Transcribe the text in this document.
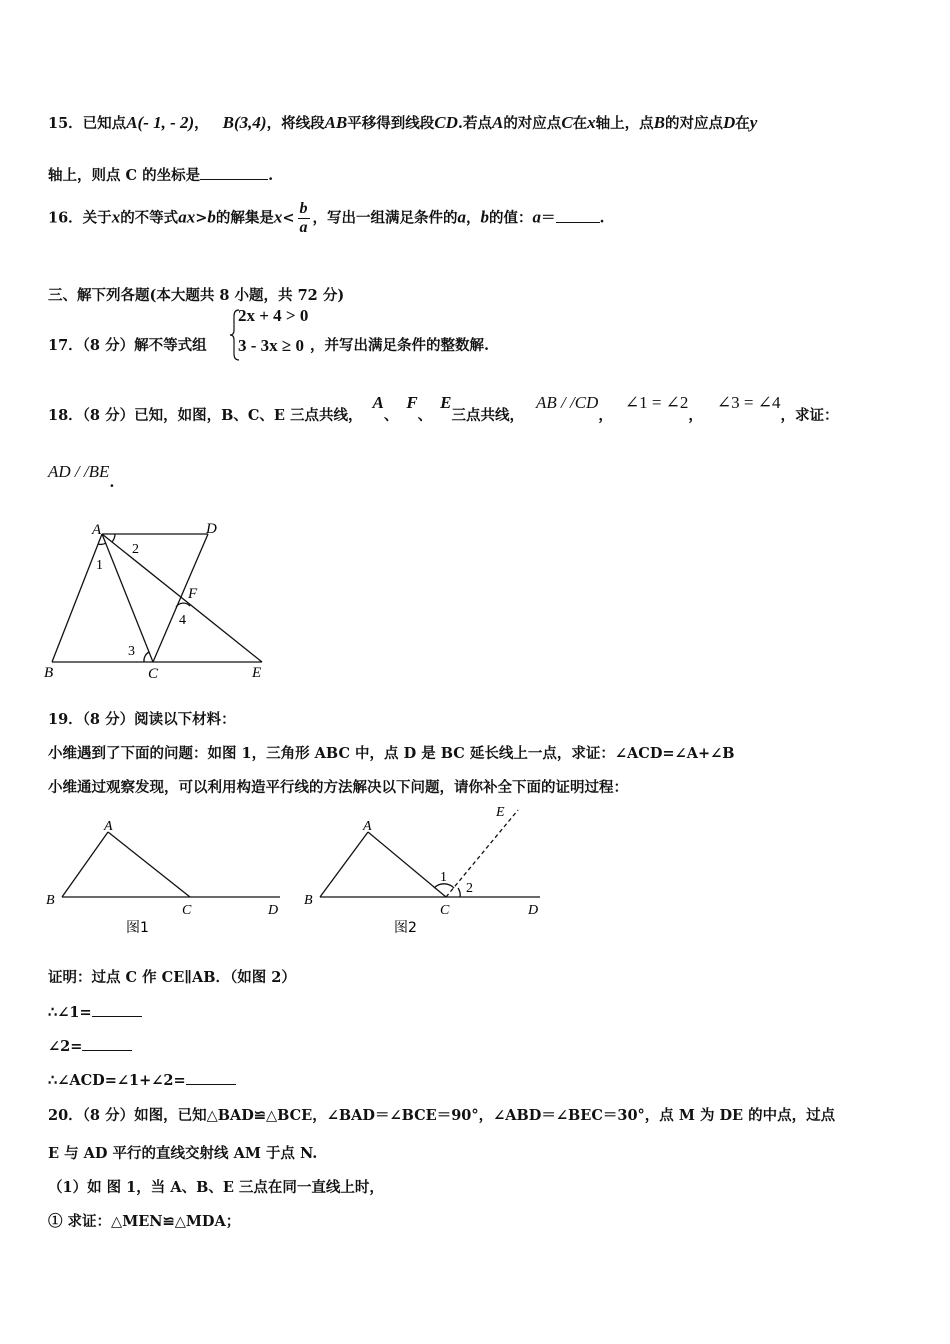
15．已知点A(- 1, - 2)， B(3,4)，将线段AB平移得到线段CD.若点A的对应点C在x轴上，点B的对应点D在y
轴上，则点 C 的坐标是	.
16．关于x的不等式ax>b的解集是$x< \frac{b}{a}$ ，写出一组满足条件的a，b的值：a＝	.
三、解下列各题(本大题共 8 小题，共 72 分)
17．（8 分）解不等式组
2x + 4 > 0
3 - 3x ≥ 0 ，并写出满足条件的整数解.
18．（8 分）已知，如图，B、C、E 三点共线，A、F、E三点共线，AB / /CD，∠1 = ∠2，∠3 = ∠4，求证：
AD / /BE.
A	D
B	C	E
F
1
2
3
4
19．（8 分）阅读以下材料：
小维遇到了下面的问题：如图 1，三角形 ABC 中，点 D 是 BC 延长线上一点，求证：∠ACD=∠A+∠B
小维通过观察发现，可以利用构造平行线的方法解决以下问题，请你补全下面的证明过程：
A
B
C	D
图1
E
A
B
C	D
1
2
图2
证明：过点 C 作 CE∥AB．（如图 2）
∴∠1=
∠2=
∴∠ACD=∠1+∠2=
20．（8 分）如图，已知△BAD≌△BCE，∠BAD＝∠BCE＝90°，∠ABD＝∠BEC＝30°，点 M 为 DE 的中点，过点
E 与 AD 平行的直线交射线 AM 于点 N.
（1）如 图 1，当 A、B、E 三点在同一直线上时，
① 求证：△MEN≌△MDA；
